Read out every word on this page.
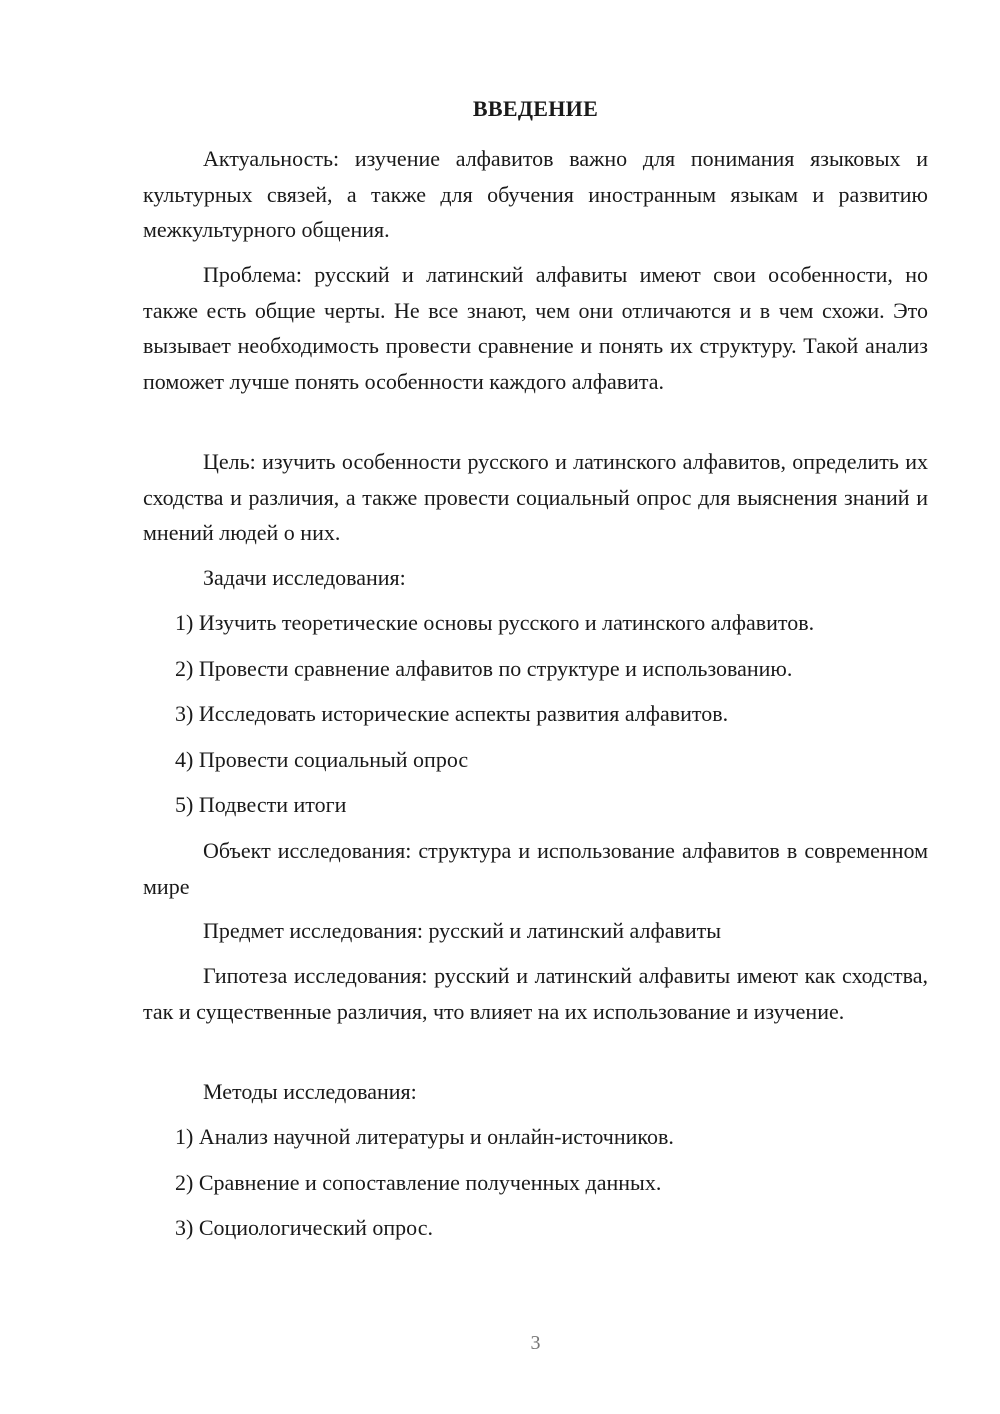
ВВЕДЕНИЕ

Актуальность: изучение алфавитов важно для понимания языковых и культурных связей, а также для обучения иностранным языкам и развитию межкультурного общения.

Проблема: русский и латинский алфавиты имеют свои особенности, но также есть общие черты. Не все знают, чем они отличаются и в чем схожи. Это вызывает необходимость провести сравнение и понять их структуру. Такой анализ поможет лучше понять особенности каждого алфавита.

Цель: изучить особенности русского и латинского алфавитов, определить их сходства и различия, а также провести социальный опрос для выяснения знаний и мнений людей о них.

Задачи исследования:

1) Изучить теоретические основы русского и латинского алфавитов.

2) Провести сравнение алфавитов по структуре и использованию.

3) Исследовать исторические аспекты развития алфавитов.

4) Провести социальный опрос

5) Подвести итоги

Объект исследования: структура и использование алфавитов в современном мире

Предмет исследования: русский и латинский алфавиты

Гипотеза исследования: русский и латинский алфавиты имеют как сходства, так и существенные различия, что влияет на их использование и изучение.

Методы исследования:

1) Анализ научной литературы и онлайн-источников.

2) Сравнение и сопоставление полученных данных.

3) Социологический опрос.

3
